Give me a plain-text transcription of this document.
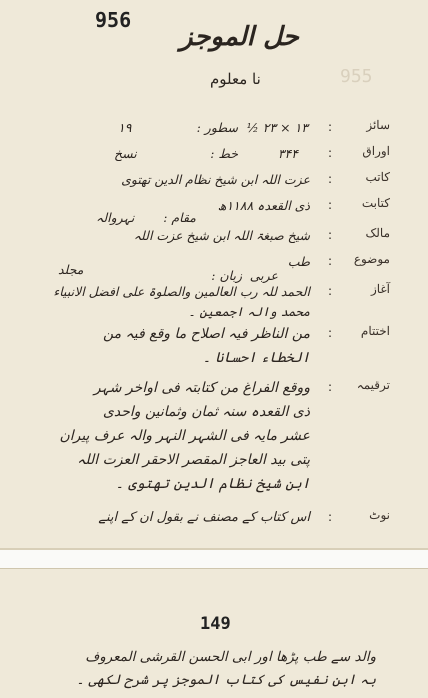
956
حل الموجز
955
نا معلوم
سائز
:
۱۳ × ۲۳ ½
سطور :
۱۹
اوراق
:
۳۴۴
خط :
نسخ
کاتب
:
عزت اللہ ابن شیخ نظام الدین تھتوی
کتابت
:
ذی القعدہ ۱۱۸۸ھ
مقام :
نہروالہ
مالک
:
شیخ صبغۃ اللہ ابن شیخ عزت اللہ
موضوع
:
طب
زبان : عربی
مجلد
آغاز
:
الحمد للہ رب العالمین والصلوۃ علی افضل الانبیاء
محمد والہ اجمعین ۔
اختتام
:
من الناظر فیہ اصلاح ما وقع فیہ من
الخطاء احسانا ۔
ترقیمہ
:
ووقع الفراغ من کتابتہ فی اواخر شہر
ذی القعدہ سنہ ثمان وثمانین واحدی
عشر مایہ فی الشہر النہر والہ عرف پیران
پتی بید العاجز المقصر الاحقر العزت اللہ
ابن شیخ نظام الدین تھتوی ۔
نوٹ
:
اس کتاب کے مصنف نے بقول ان کے اپنے
149
والد سے طب پڑھا اور ابی الحسن القرشی المعروف
بہ ابن نفیس کی کتاب الموجز پر شرح لکھی ۔
